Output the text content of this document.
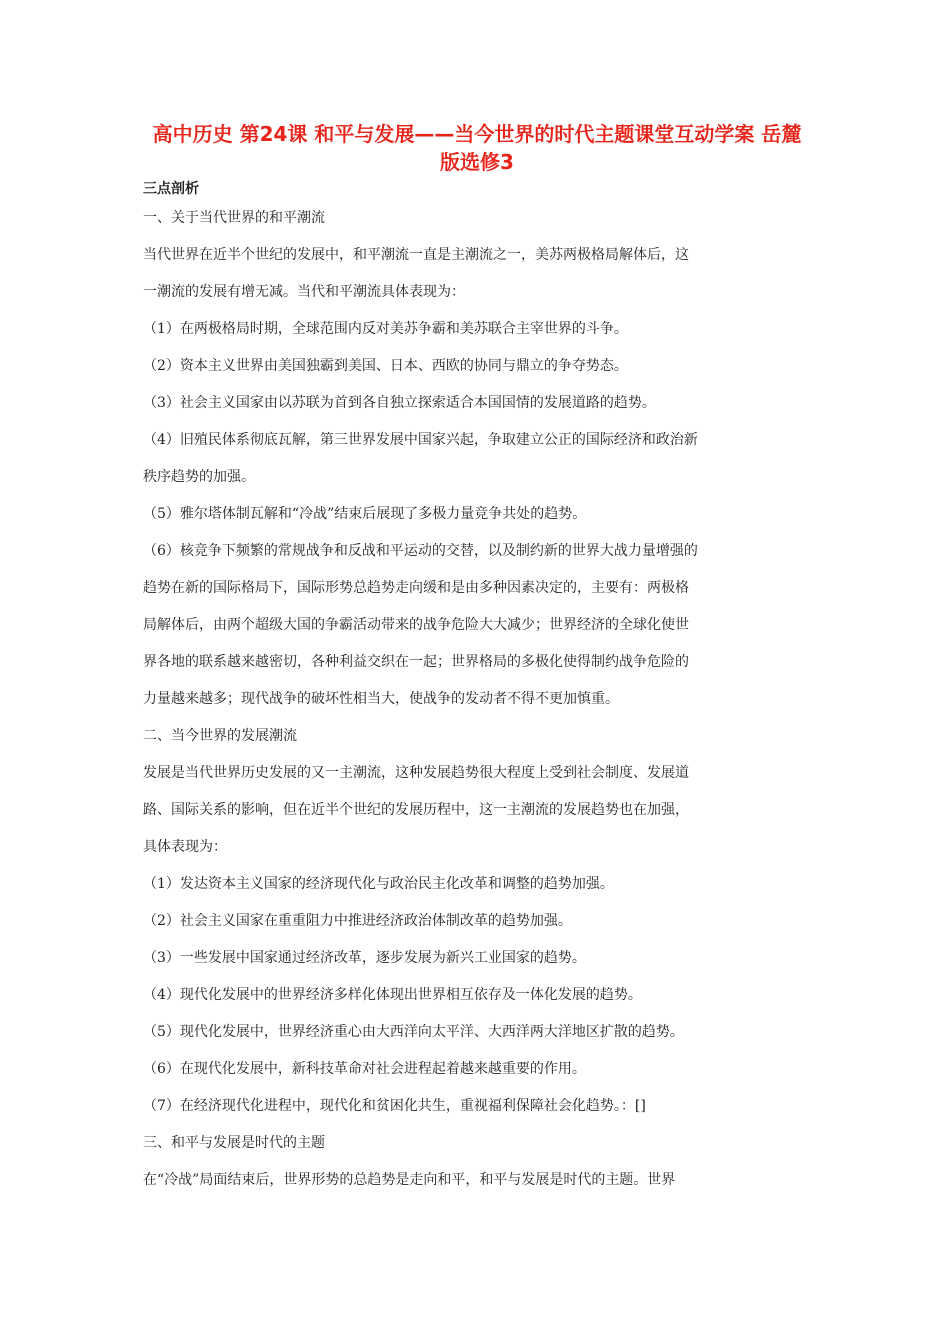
高中历史 第24课 和平与发展——当今世界的时代主题课堂互动学案 岳麓版选修3
三点剖析
一、关于当代世界的和平潮流
当代世界在近半个世纪的发展中，和平潮流一直是主潮流之一，美苏两极格局解体后，这
一潮流的发展有增无减。当代和平潮流具体表现为：
（1）在两极格局时期，全球范围内反对美苏争霸和美苏联合主宰世界的斗争。
（2）资本主义世界由美国独霸到美国、日本、西欧的协同与鼎立的争夺势态。
（3）社会主义国家由以苏联为首到各自独立探索适合本国国情的发展道路的趋势。
（4）旧殖民体系彻底瓦解，第三世界发展中国家兴起，争取建立公正的国际经济和政治新
秩序趋势的加强。
（5）雅尔塔体制瓦解和“冷战”结束后展现了多极力量竞争共处的趋势。
（6）核竞争下频繁的常规战争和反战和平运动的交替，以及制约新的世界大战力量增强的
趋势在新的国际格局下，国际形势总趋势走向缓和是由多种因素决定的，主要有：两极格
局解体后，由两个超级大国的争霸活动带来的战争危险大大减少；世界经济的全球化使世
界各地的联系越来越密切，各种利益交织在一起；世界格局的多极化使得制约战争危险的
力量越来越多；现代战争的破坏性相当大，使战争的发动者不得不更加慎重。
二、当今世界的发展潮流
发展是当代世界历史发展的又一主潮流，这种发展趋势很大程度上受到社会制度、发展道
路、国际关系的影响，但在近半个世纪的发展历程中，这一主潮流的发展趋势也在加强，
具体表现为：
（1）发达资本主义国家的经济现代化与政治民主化改革和调整的趋势加强。
（2）社会主义国家在重重阻力中推进经济政治体制改革的趋势加强。
（3）一些发展中国家通过经济改革，逐步发展为新兴工业国家的趋势。
（4）现代化发展中的世界经济多样化体现出世界相互依存及一体化发展的趋势。
（5）现代化发展中，世界经济重心由大西洋向太平洋、大西洋两大洋地区扩散的趋势。
（6）在现代化发展中，新科技革命对社会进程起着越来越重要的作用。
（7）在经济现代化进程中，现代化和贫困化共生，重视福利保障社会化趋势。：[]
三、和平与发展是时代的主题
在“冷战”局面结束后，世界形势的总趋势是走向和平，和平与发展是时代的主题。世界
